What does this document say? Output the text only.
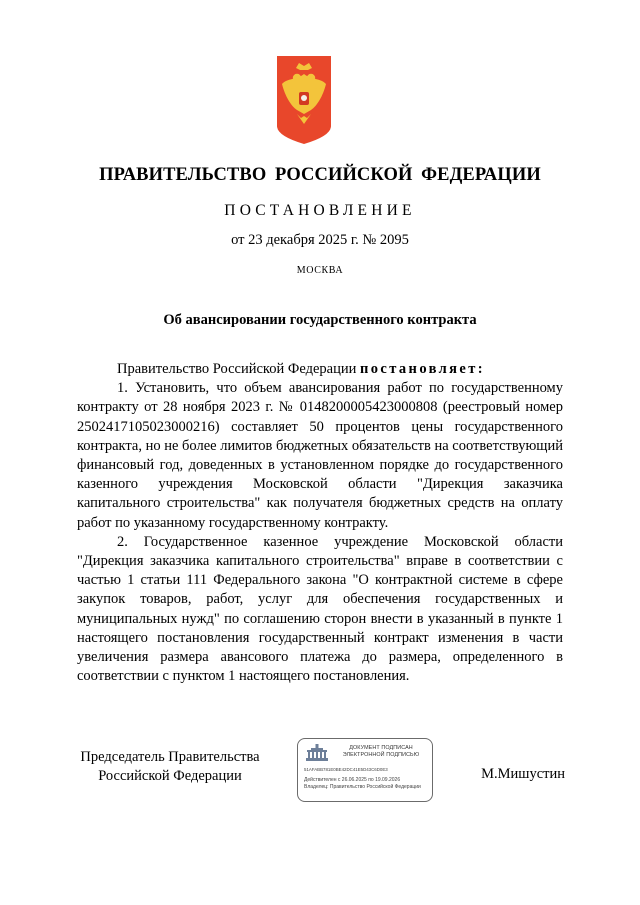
ПРАВИТЕЛЬСТВО РОССИЙСКОЙ ФЕДЕРАЦИИ
ПОСТАНОВЛЕНИЕ
от 23 декабря 2025 г. № 2095
МОСКВА
Об авансировании государственного контракта

Правительство Российской Федерации постановляет:

1. Установить, что объем авансирования работ по государственному контракту от 28 ноября 2023 г. № 0148200005423000808 (реестровый номер 2502417105023000216) составляет 50 процентов цены государственного контракта, но не более лимитов бюджетных обязательств на соответствующий финансовый год, доведенных в установленном порядке до государственного казенного учреждения Московской области "Дирекция заказчика капитального строительства" как получателя бюджетных средств на оплату работ по указанному государственному контракту.

2. Государственное казенное учреждение Московской области "Дирекция заказчика капитального строительства" вправе в соответствии с частью 1 статьи 111 Федерального закона "О контрактной системе в сфере закупок товаров, работ, услуг для обеспечения государственных и муниципальных нужд" по соглашению сторон внести в указанный в пункте 1 настоящего постановления государственный контракт изменения в части увеличения размера авансового платежа до размера, определенного в соответствии с пунктом 1 настоящего постановления.

Председатель Правительства
Российской Федерации
ДОКУМЕНТ ПОДПИСАН
ЭЛЕКТРОННОЙ ПОДПИСЬЮ
51AFABB781E0BE42DC41E5D43C6D0E3
Действителен с 26.06.2025 по 19.09.2026
Владелец: Правительство Российской Федерации
М.Мишустин
